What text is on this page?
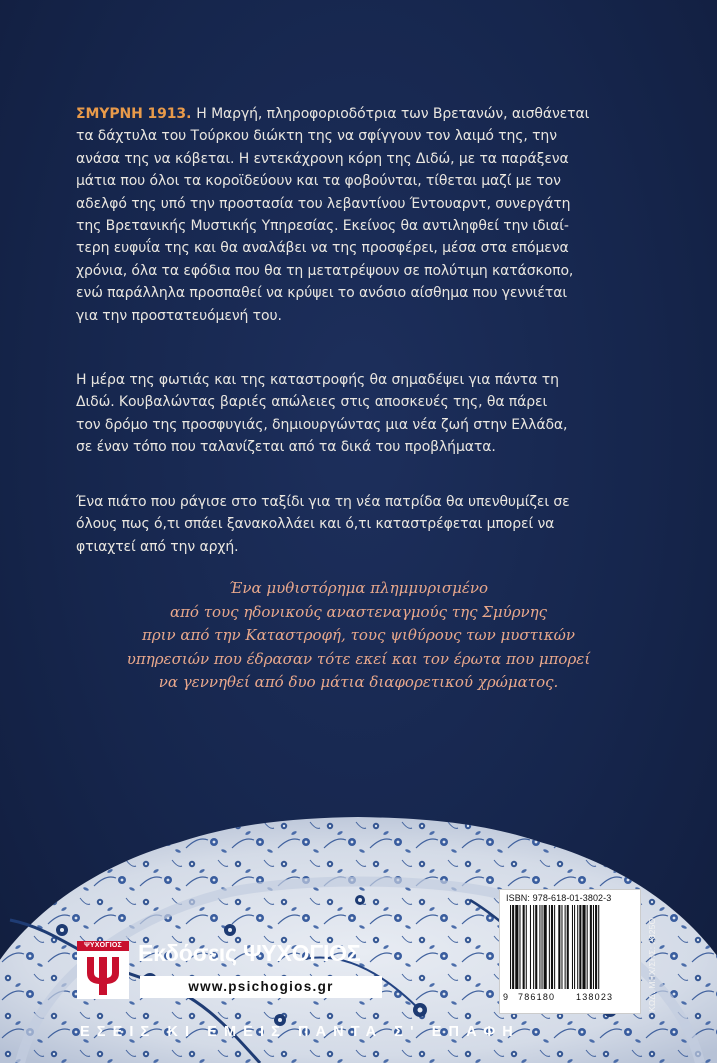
ΣΜΥΡΝΗ 1913. Η Μαργή, πληροφοριοδότρια των Βρετανών, αισθάνεται
τα δάχτυλα του Τούρκου διώκτη της να σφίγγουν τον λαιμό της, την
ανάσα της να κόβεται. Η εντεκάχρονη κόρη της Διδώ, με τα παράξενα
μάτια που όλοι τα κοροϊδεύουν και τα φοβούνται, τίθεται μαζί με τον
αδελφό της υπό την προστασία του λεβαντίνου Έντουαρντ, συνεργάτη
της Βρετανικής Μυστικής Υπηρεσίας. Εκείνος θα αντιληφθεί την ιδιαί-
τερη ευφυΐα της και θα αναλάβει να της προσφέρει, μέσα στα επόμενα
χρόνια, όλα τα εφόδια που θα τη μετατρέψουν σε πολύτιμη κατάσκοπο,
ενώ παράλληλα προσπαθεί να κρύψει το ανόσιο αίσθημα που γεννιέται
για την προστατευόμενή του.
Η μέρα της φωτιάς και της καταστροφής θα σημαδέψει για πάντα τη
Διδώ. Κουβαλώντας βαριές απώλειες στις αποσκευές της, θα πάρει
τον δρόμο της προσφυγιάς, δημιουργώντας μια νέα ζωή στην Ελλάδα,
σε έναν τόπο που ταλανίζεται από τα δικά του προβλήματα.
Ένα πιάτο που ράγισε στο ταξίδι για τη νέα πατρίδα θα υπενθυμίζει σε
όλους πως ό,τι σπάει ξανακολλάει και ό,τι καταστρέφεται μπορεί να
φτιαχτεί από την αρχή.
Ένα μυθιστόρημα πλημμυρισμένο
από τους ηδονικούς αναστεναγμούς της Σμύρνης
πριν από την Καταστροφή, τους ψιθύρους των μυστικών
υπηρεσιών που έδρασαν τότε εκεί και τον έρωτα που μπορεί
να γεννηθεί από δυο μάτια διαφορετικού χρώματος.
ISBN: 978-618-01-3802-3
9 786180 138023	ΚΩΔ. ΜΗΧ/ΣΗΣ: 2825Ο
ΨΥΧΟΓΙΟΣ Εκδόσεις ΨΥΧΟΓΙΟΣ
www.psichogios.gr
ΕΣΕΙΣ ΚΙ ΕΜΕΙΣ ΠΑΝΤΑ Σ' ΕΠΑΦΗ
